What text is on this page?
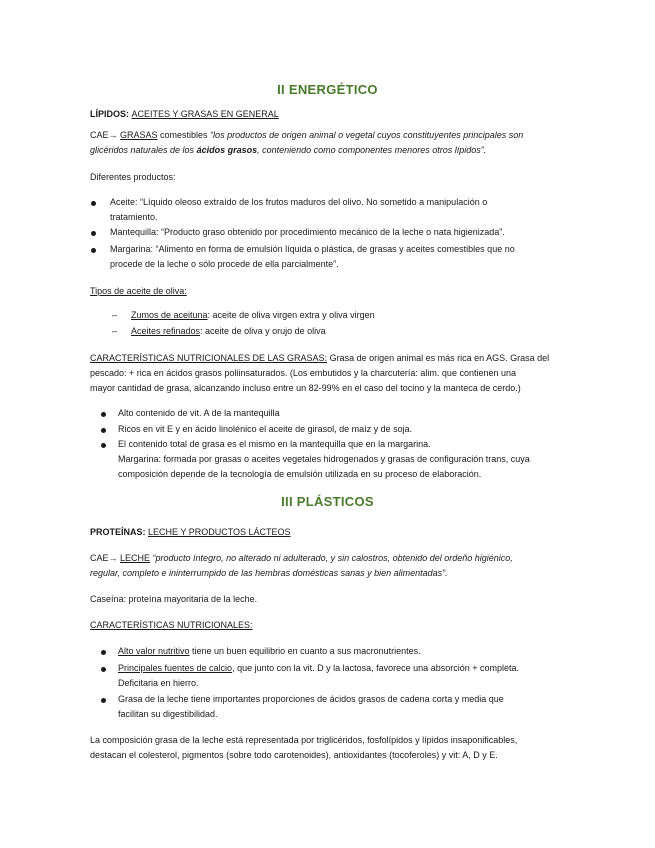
II ENERGÉTICO
LÍPIDOS: ACEITES Y GRASAS EN GENERAL
CAE→ GRASAS comestibles “los productos de origen animal o vegetal cuyos constituyentes principales son
glicéridos naturales de los ácidos grasos, conteniendo como componentes menores otros lípidos”.
Diferentes productos:
Aceite: “Líquido oleoso extraído de los frutos maduros del olivo. No sometido a manipulación o
tratamiento.
Mantequilla: “Producto graso obtenido por procedimiento mecánico de la leche o nata higienizada”.
Margarina: “Alimento en forma de emulsión líquida o plástica, de grasas y aceites comestibles que no
procede de la leche o sólo procede de ella parcialmente”.
Tipos de aceite de oliva:
– Zumos de aceituna: aceite de oliva virgen extra y oliva virgen
– Aceites refinados: aceite de oliva y orujo de oliva
CARACTERÍSTICAS NUTRICIONALES DE LAS GRASAS: Grasa de origen animal es más rica en AGS. Grasa del
pescado: + rica en ácidos grasos poliinsaturados. (Los embutidos y la charcutería: alim. que contienen una
mayor cantidad de grasa, alcanzando incluso entre un 82-99% en el caso del tocino y la manteca de cerdo.)
Alto contenido de vit. A de la mantequilla
Ricos en vit E y en ácido linolénico el aceite de girasol, de maíz y de soja.
El contenido total de grasa es el mismo en la mantequilla que en la margarina.
Margarina: formada por grasas o aceites vegetales hidrogenados y grasas de configuración trans, cuya
composición depende de la tecnología de emulsión utilizada en su proceso de elaboración.
III PLÁSTICOS
PROTEÍNAS: LECHE Y PRODUCTOS LÁCTEOS
CAE→ LECHE “producto íntegro, no alterado ni adulterado, y sin calostros, obtenido del ordeño higiénico,
regular, completo e ininterrumpido de las hembras domésticas sanas y bien alimentadas”.
Caseína: proteína mayoritaria de la leche.
CARACTERÍSTICAS NUTRICIONALES:
Alto valor nutritivo tiene un buen equilibrio en cuanto a sus macronutrientes.
Principales fuentes de calcio, que junto con la vit. D y la lactosa, favorece una absorción + completa.
Deficitaria en hierro.
Grasa de la leche tiene importantes proporciones de ácidos grasos de cadena corta y media que
facilitan su digestibilidad.
La composición grasa de la leche está representada por triglicéridos, fosfolípidos y lípidos insaponificables,
destacan el colesterol, pigmentos (sobre todo carotenoides), antioxidantes (tocoferoles) y vit: A, D y E.
